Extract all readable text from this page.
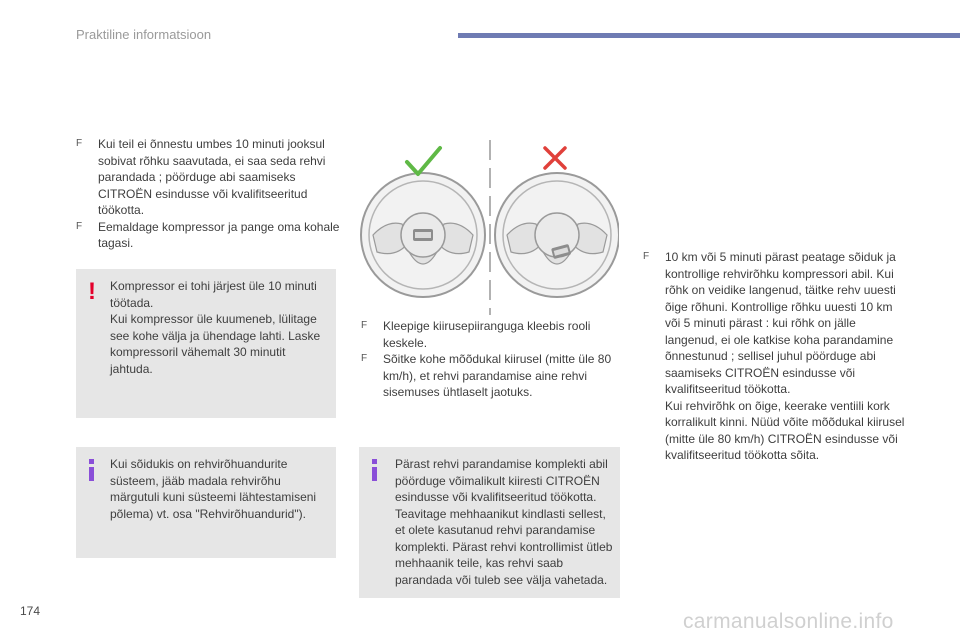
Praktiline informatsioon
F Kui teil ei õnnestu umbes 10 minuti jooksul sobivat rõhku saavutada, ei saa seda rehvi parandada ; pöörduge abi saamiseks CITROËN esindusse või kvalifitseeritud töökotta.
F Eemaldage kompressor ja pange oma kohale tagasi.
! Kompressor ei tohi järjest üle 10 minuti töötada.
Kui kompressor üle kuumeneb, lülitage see kohe välja ja ühendage lahti. Laske kompressoril vähemalt 30 minutit jahtuda.
Kui sõidukis on rehvirõhuandurite süsteem, jääb madala rehvirõhu märgutuli kuni süsteemi lähtestamiseni põlema) vt. osa "Rehvirõhuandurid").
F Kleepige kiirusepiiranguga kleebis rooli keskele.
F Sõitke kohe mõõdukal kiirusel (mitte üle 80 km/h), et rehvi parandamise aine rehvi sisemuses ühtlaselt jaotuks.
Pärast rehvi parandamise komplekti abil pöörduge võimalikult kiiresti CITROËN esindusse või kvalifitseeritud töökotta.
Teavitage mehhaanikut kindlasti sellest, et olete kasutanud rehvi parandamise komplekti. Pärast rehvi kontrollimist ütleb mehhaanik teile, kas rehvi saab parandada või tuleb see välja vahetada.
F 10 km või 5 minuti pärast peatage sõiduk ja kontrollige rehvirõhku kompressori abil. Kui rõhk on veidike langenud, täitke rehv uuesti õige rõhuni. Kontrollige rõhku uuesti 10 km või 5 minuti pärast : kui rõhk on jälle langenud, ei ole katkise koha parandamine õnnestunud ; sellisel juhul pöörduge abi saamiseks CITROËN esindusse või kvalifitseeritud töökotta.
Kui rehvirõhk on õige, keerake ventiili kork korralikult kinni. Nüüd võite mõõdukal kiirusel (mitte üle 80 km/h) CITROËN esindusse või kvalifitseeritud töökotta sõita.
174	carmanualsonline.info
